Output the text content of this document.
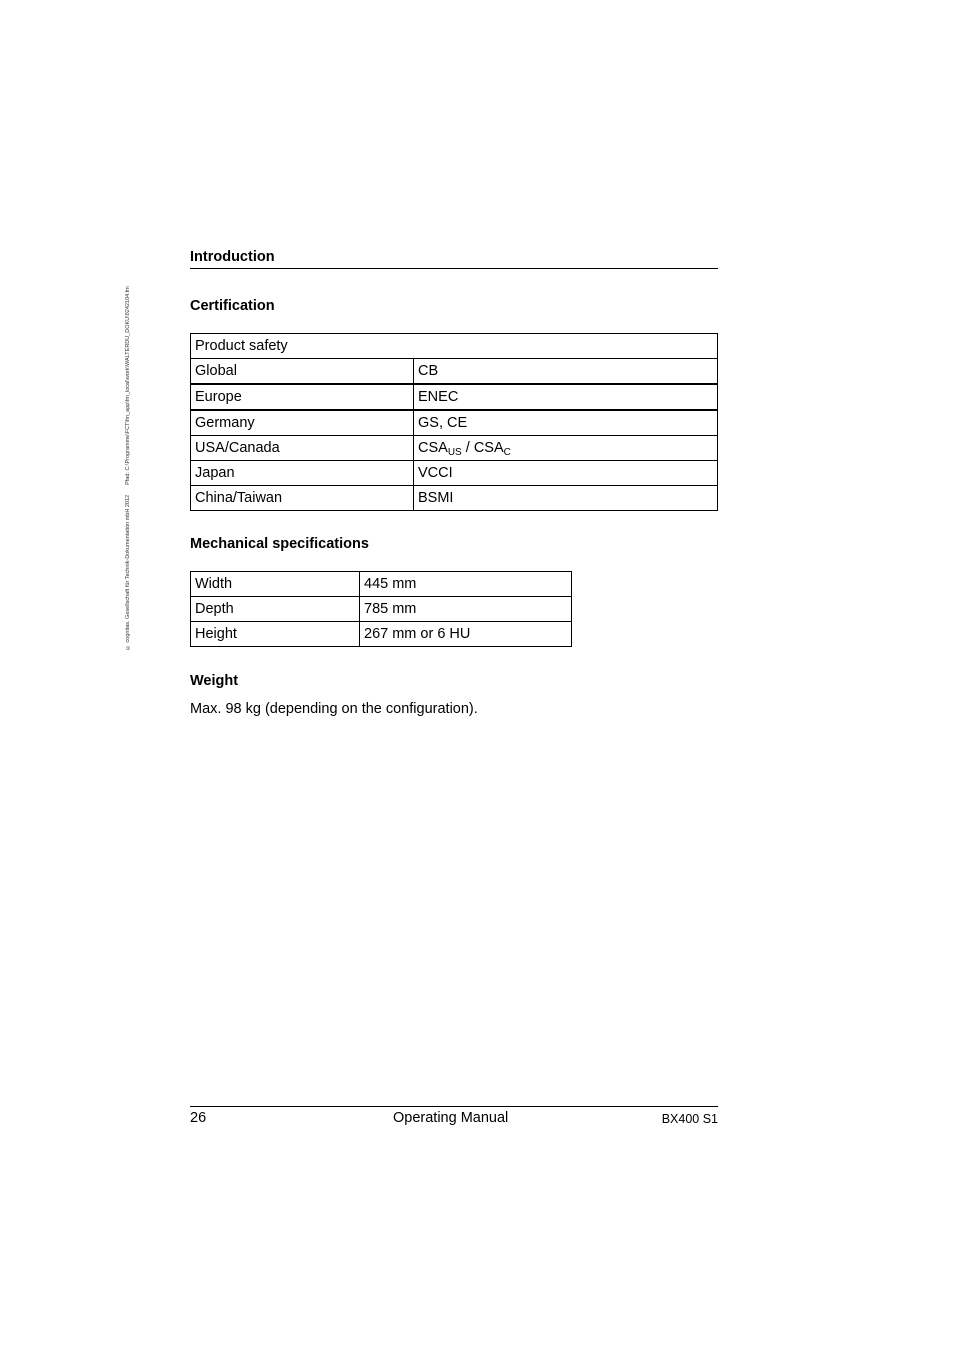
© cognitas. Gesellschaft für Technik-Dokumentation mbH 2012Pfad: C:\Programme\FCT\fm_app\fm_local\work\WALTERDU_DOKU\9242104.fm
Introduction
Certification
Product safety	
Global	CB
Europe	ENEC
Germany	GS, CE
USA/Canada	$CSA_{US} / CSA_C$
Japan	VCCI
China/Taiwan	BSMI
Mechanical specifications
Width	445 mm
Depth	785 mm
Height	267 mm or 6 HU
Weight
Max. 98 kg (depending on the configuration).
26	Operating Manual	BX400 S1
